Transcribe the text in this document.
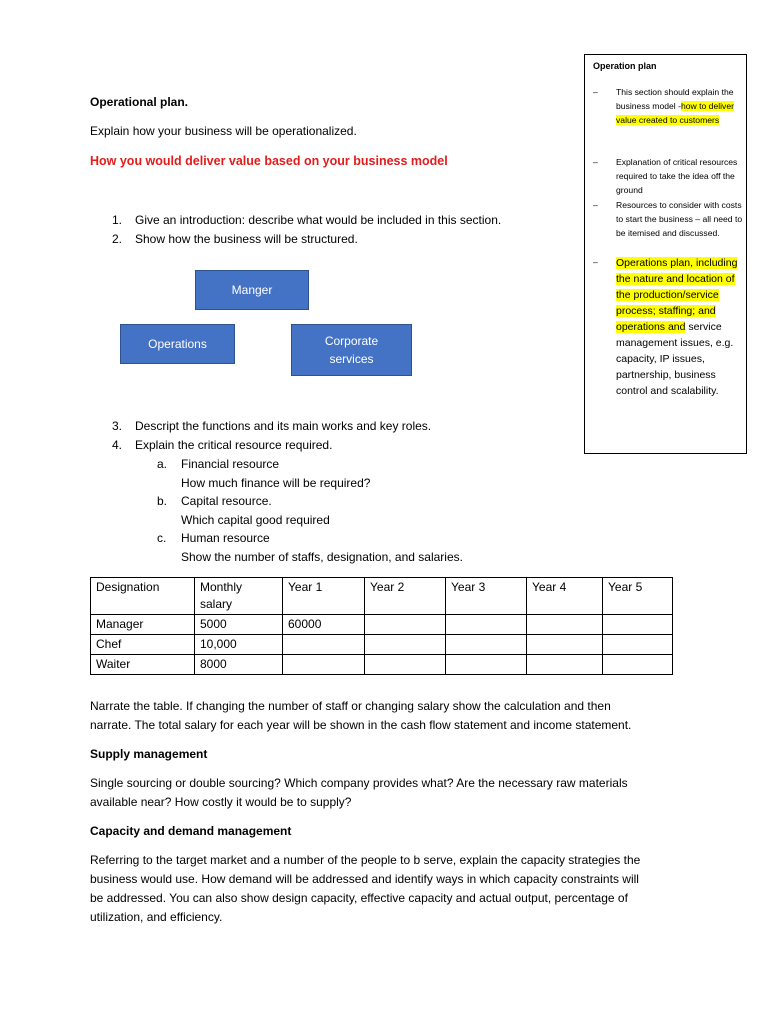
Operational plan.
Explain how your business will be operationalized.
How you would deliver value based on your business model
1. Give an introduction: describe what would be included in this section.
2. Show how the business will be structured.
Manger
Operations	Corporate services
3. Descript the functions and its main works and key roles.
4. Explain the critical resource required.
a. Financial resource
How much finance will be required?
b. Capital resource.
Which capital good required
c. Human resource
Show the number of staffs, designation, and salaries.
Designation	Monthly salary	Year 1	Year 2	Year 3	Year 4	Year 5
Manager	5000	60000				
Chef	10,000					
Waiter	8000					
Narrate the table. If changing the number of staff or changing salary show the calculation and then
narrate. The total salary for each year will be shown in the cash flow statement and income statement.
Supply management
Single sourcing or double sourcing? Which company provides what? Are the necessary raw materials
available near? How costly it would be to supply?
Capacity and demand management
Referring to the target market and a number of the people to b serve, explain the capacity strategies the
business would use. How demand will be addressed and identify ways in which capacity constraints will
be addressed. You can also show design capacity, effective capacity and actual output, percentage of
utilization, and efficiency.
Operation plan
– This section should explain the business model -how to deliver value created to customers
– Explanation of critical resources required to take the idea off the ground
– Resources to consider with costs to start the business – all need to be itemised and discussed.
– Operations plan, including the nature and location of the production/service process; staffing; and operations and service management issues, e.g. capacity, IP issues, partnership, business control and scalability.
